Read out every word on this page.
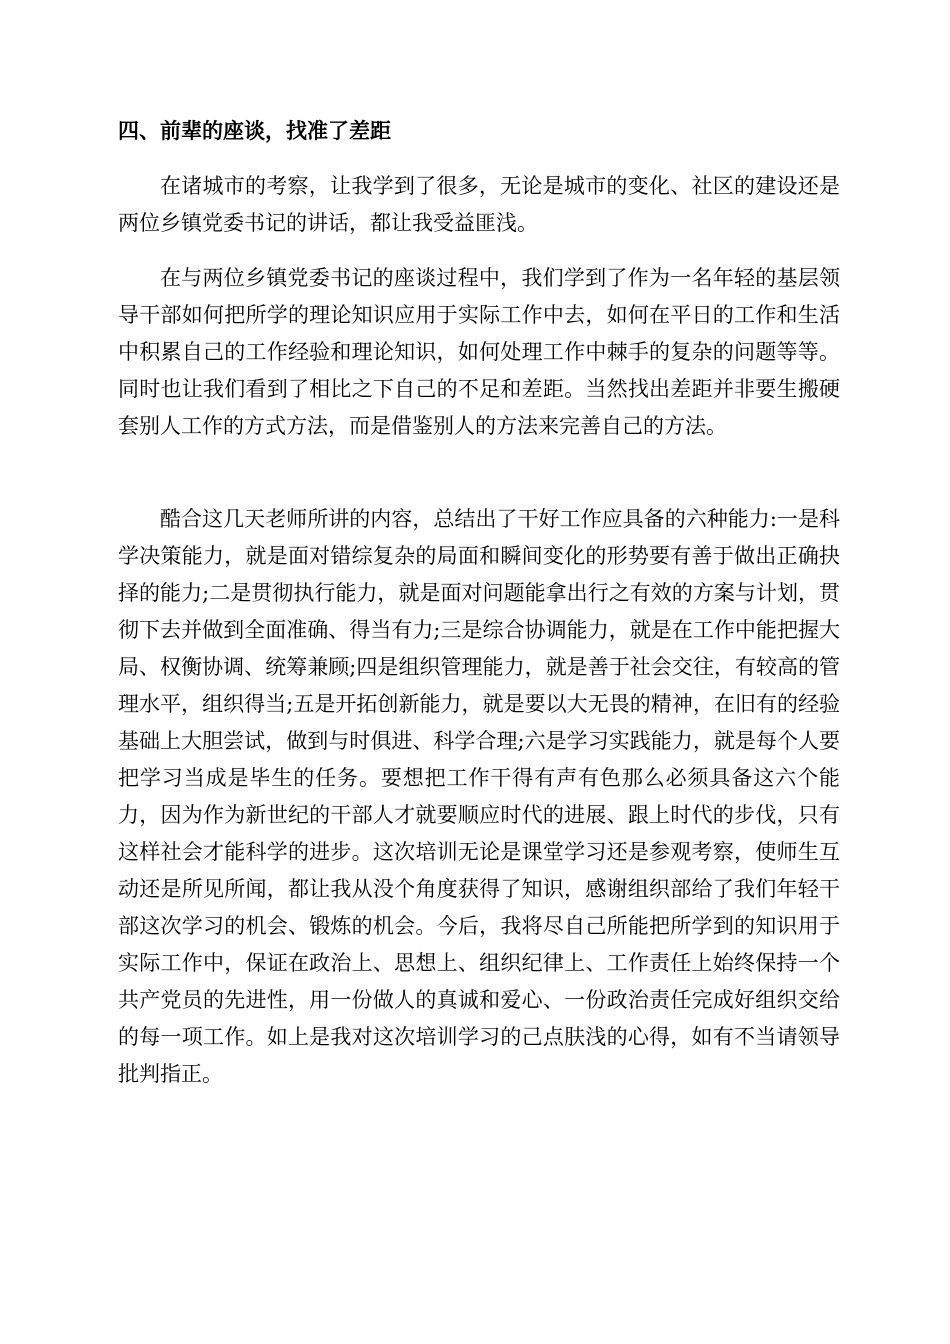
四、前辈的座谈，找准了差距

在诸城市的考察，让我学到了很多，无论是城市的变化、社区的建设还是两位乡镇党委书记的讲话，都让我受益匪浅。

在与两位乡镇党委书记的座谈过程中，我们学到了作为一名年轻的基层领导干部如何把所学的理论知识应用于实际工作中去，如何在平日的工作和生活中积累自己的工作经验和理论知识，如何处理工作中棘手的复杂的问题等等。同时也让我们看到了相比之下自己的不足和差距。当然找出差距并非要生搬硬套别人工作的方式方法，而是借鉴别人的方法来完善自己的方法。

酷合这几天老师所讲的内容，总结出了干好工作应具备的六种能力:一是科学决策能力，就是面对错综复杂的局面和瞬间变化的形势要有善于做出正确抉择的能力;二是贯彻执行能力，就是面对问题能拿出行之有效的方案与计划，贯彻下去并做到全面准确、得当有力;三是综合协调能力，就是在工作中能把握大局、权衡协调、统筹兼顾;四是组织管理能力，就是善于社会交往，有较高的管理水平，组织得当;五是开拓创新能力，就是要以大无畏的精神，在旧有的经验基础上大胆尝试，做到与时俱进、科学合理;六是学习实践能力，就是每个人要把学习当成是毕生的任务。要想把工作干得有声有色那么必须具备这六个能力，因为作为新世纪的干部人才就要顺应时代的进展、跟上时代的步伐，只有这样社会才能科学的进步。这次培训无论是课堂学习还是参观考察，使师生互动还是所见所闻，都让我从没个角度获得了知识，感谢组织部给了我们年轻干部这次学习的机会、锻炼的机会。今后，我将尽自己所能把所学到的知识用于实际工作中，保证在政治上、思想上、组织纪律上、工作责任上始终保持一个共产党员的先进性，用一份做人的真诚和爱心、一份政治责任完成好组织交给的每一项工作。如上是我对这次培训学习的己点肤浅的心得，如有不当请领导批判指正。
